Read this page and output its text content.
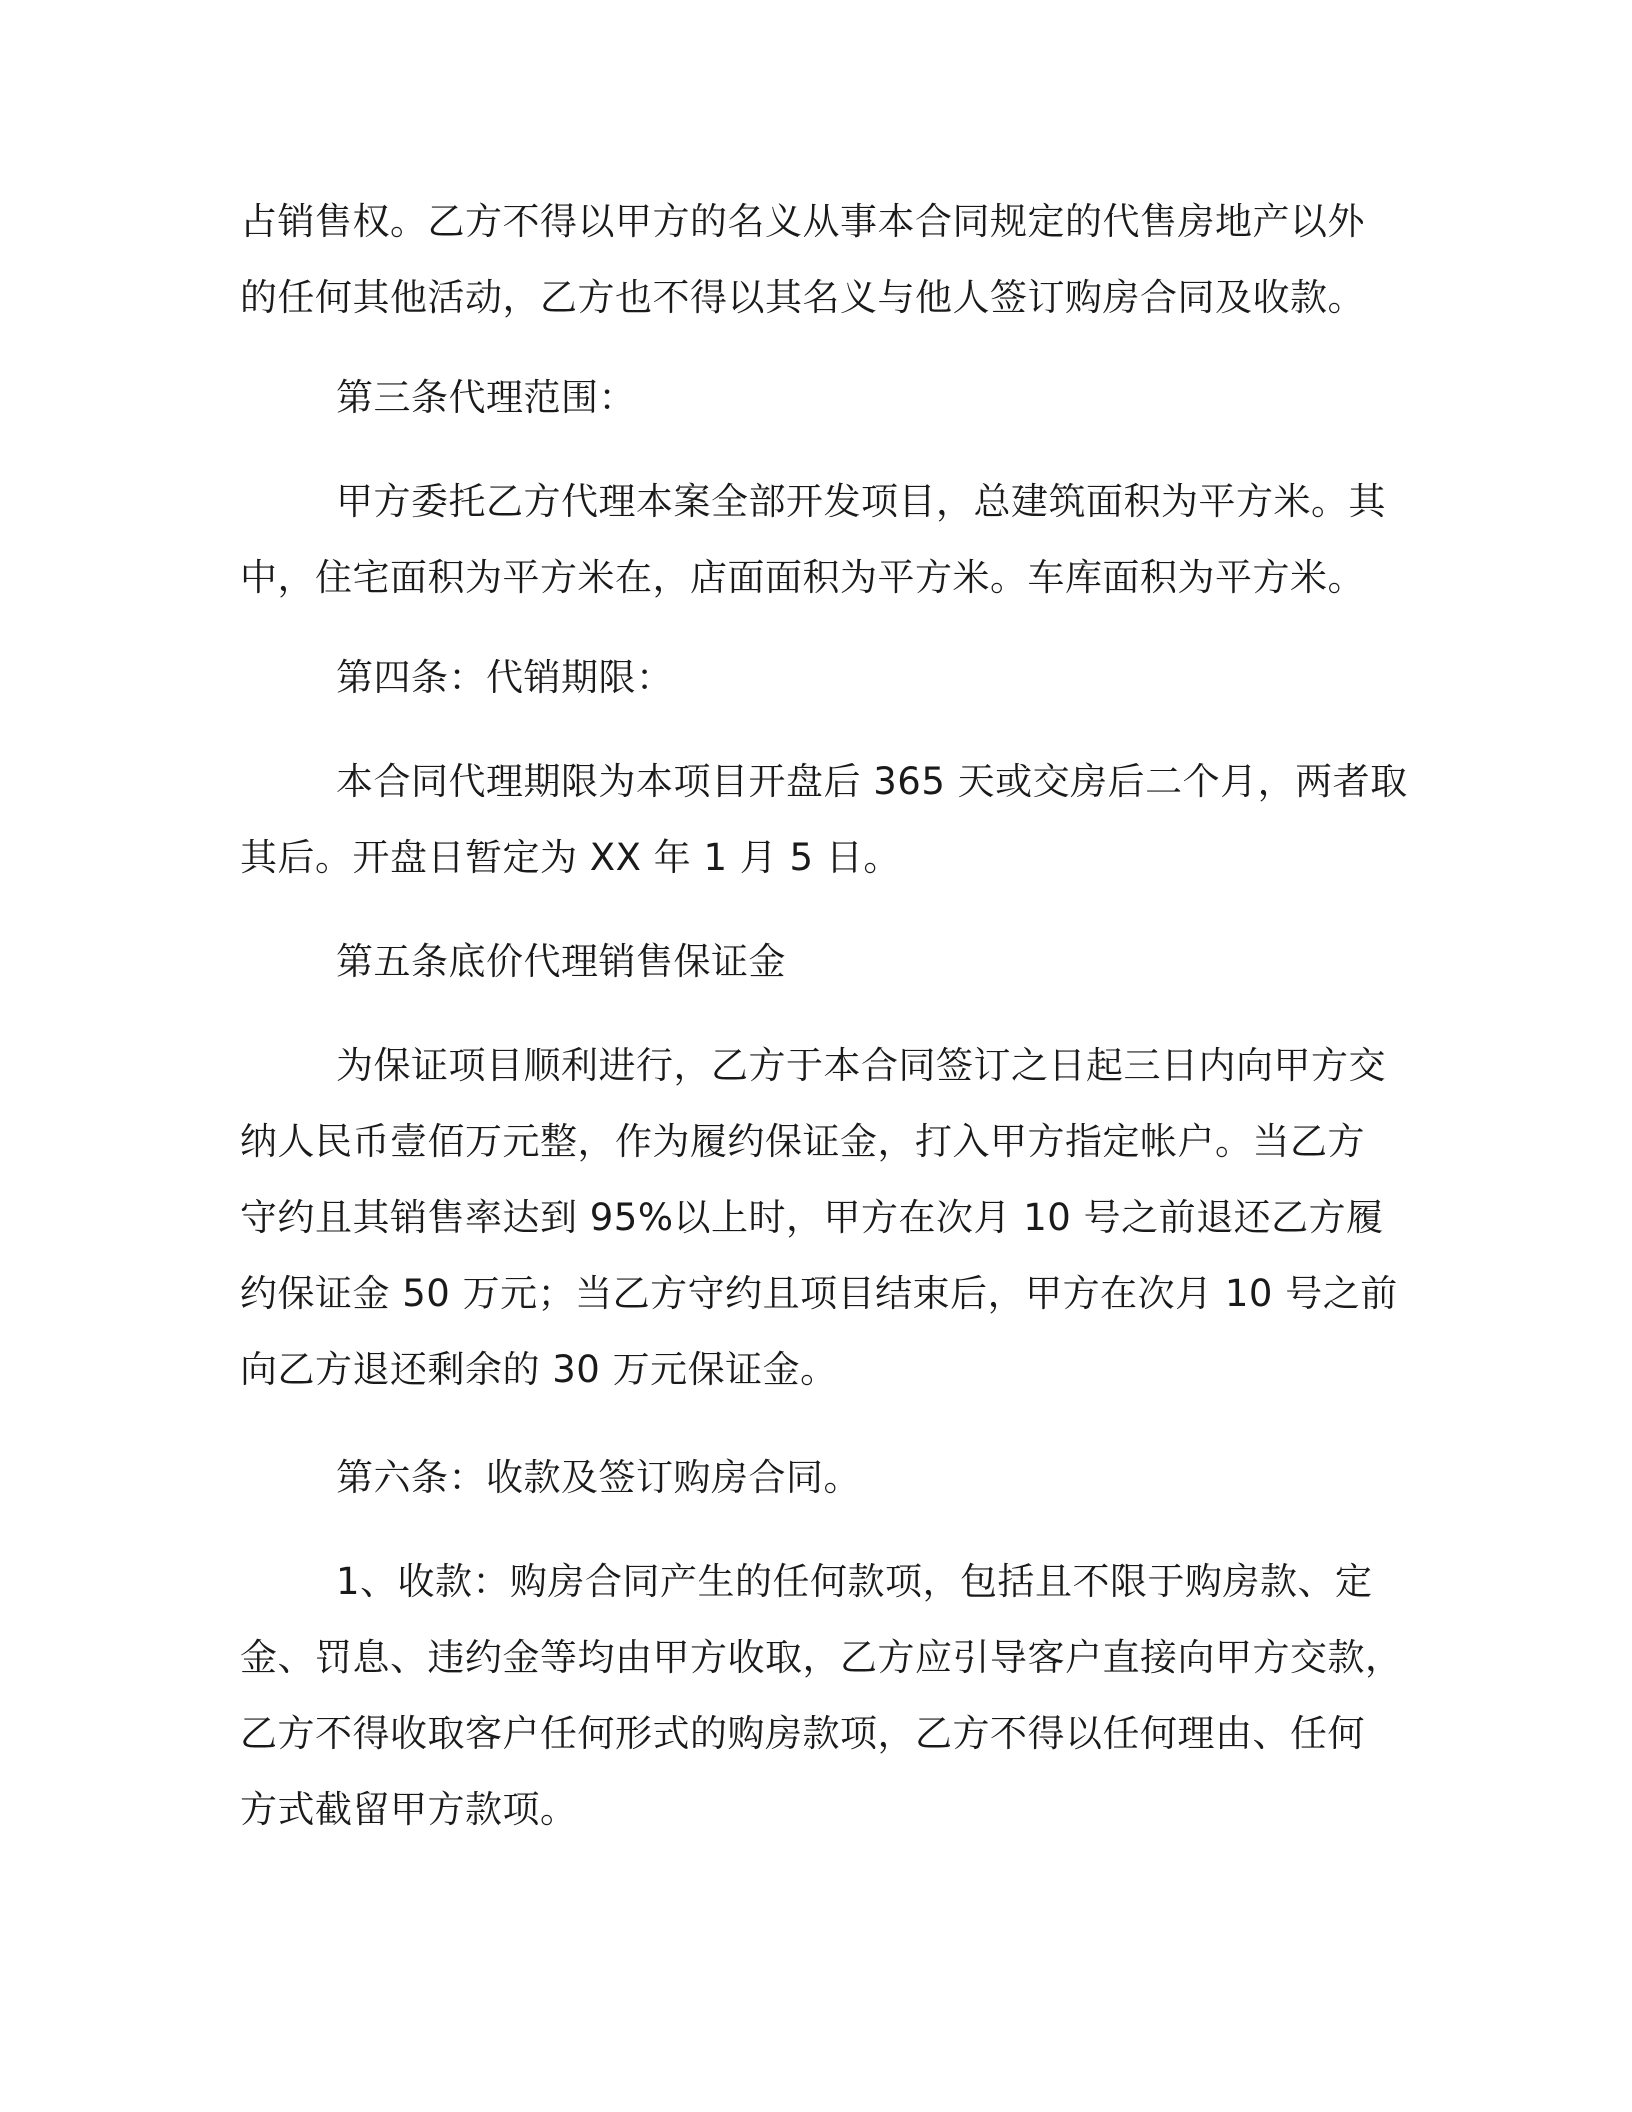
占销售权。乙方不得以甲方的名义从事本合同规定的代售房地产以外
的任何其他活动，乙方也不得以其名义与他人签订购房合同及收款。

第三条代理范围：

甲方委托乙方代理本案全部开发项目，总建筑面积为平方米。其
中，住宅面积为平方米在，店面面积为平方米。车库面积为平方米。

第四条：代销期限：

本合同代理期限为本项目开盘后 365 天或交房后二个月，两者取
其后。开盘日暂定为 XX 年 1 月 5 日。

第五条底价代理销售保证金

为保证项目顺利进行，乙方于本合同签订之日起三日内向甲方交
纳人民币壹佰万元整，作为履约保证金，打入甲方指定帐户。当乙方
守约且其销售率达到 95%以上时，甲方在次月 10 号之前退还乙方履
约保证金 50 万元；当乙方守约且项目结束后，甲方在次月 10 号之前
向乙方退还剩余的 30 万元保证金。

第六条：收款及签订购房合同。

1、收款：购房合同产生的任何款项，包括且不限于购房款、定
金、罚息、违约金等均由甲方收取，乙方应引导客户直接向甲方交款，
乙方不得收取客户任何形式的购房款项，乙方不得以任何理由、任何
方式截留甲方款项。
